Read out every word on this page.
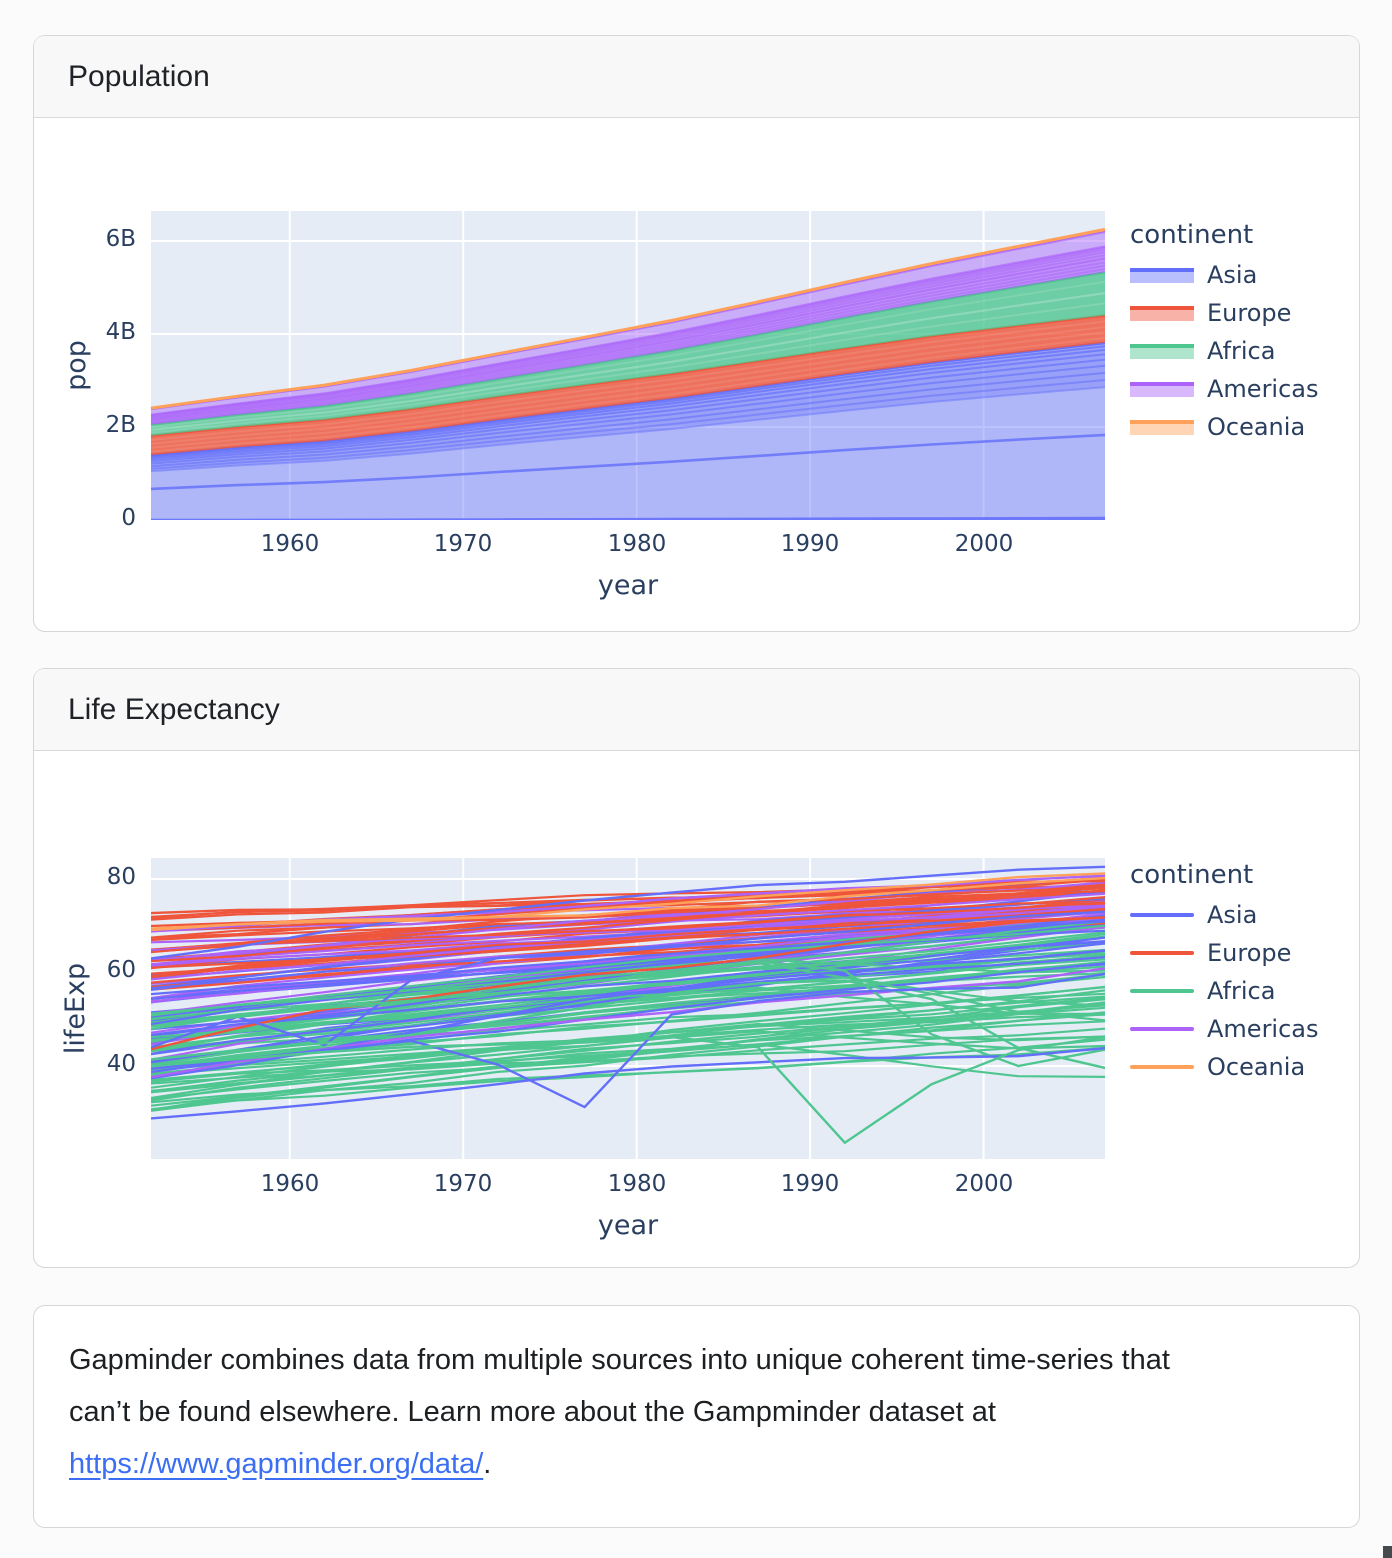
Population
pop
year
continent
Asia
Europe
Africa
Americas
Oceania
0
2B
4B
6B
1960	1970	1980	1990	2000
Life Expectancy
lifeExp
year
continent
Asia
Europe
Africa
Americas
Oceania
40
60
80
1960	1970	1980	1990	2000
Gapminder combines data from multiple sources into unique coherent time-series that can’t be found elsewhere. Learn more about the Gampminder dataset at https://www.gapminder.org/data/.
